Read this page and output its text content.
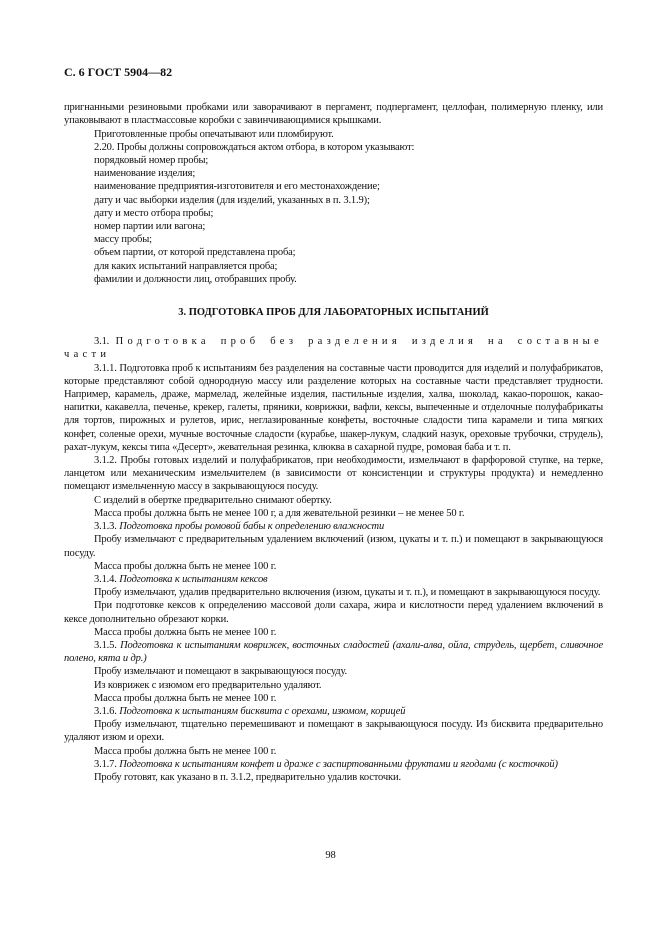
С. 6 ГОСТ 5904—82

пригнанными резиновыми пробками или заворачивают в пергамент, подпергамент, целлофан, полимерную пленку, или упаковывают в пластмассовые коробки с завинчивающимися крышками.

Приготовленные пробы опечатывают или пломбируют.

2.20. Пробы должны сопровождаться актом отбора, в котором указывают:

порядковый номер пробы;

наименование изделия;

наименование предприятия-изготовителя и его местонахождение;

дату и час выборки изделия (для изделий, указанных в п. 3.1.9);

дату и место отбора пробы;

номер партии или вагона;

массу пробы;

объем партии, от которой представлена проба;

для каких испытаний направляется проба;

фамилии и должности лиц, отобравших пробу.

3. ПОДГОТОВКА ПРОБ ДЛЯ ЛАБОРАТОРНЫХ ИСПЫТАНИЙ

3.1. Подготовка проб без разделения изделия на составные части

3.1.1. Подготовка проб к испытаниям без разделения на составные части проводится для изделий и полуфабрикатов, которые представляют собой однородную массу или разделение которых на составные части представляет трудности. Например, карамель, драже, мармелад, желейные изделия, пастильные изделия, халва, шоколад, какао-порошок, какао-напитки, какавелла, печенье, крекер, галеты, пряники, коврижки, вафли, кексы, выпеченные и отделочные полуфабрикаты для тортов, пирожных и рулетов, ирис, неглазированные конфеты, восточные сладости типа карамели и типа мягких конфет, соленые орехи, мучные восточные сладости (курабье, шакер-лукум, сладкий назук, ореховые трубочки, струдель), рахат-лукум, кексы типа «Десерт», жевательная резинка, клюква в сахарной пудре, ромовая баба и т. п.

3.1.2. Пробы готовых изделий и полуфабрикатов, при необходимости, измельчают в фарфоровой ступке, на терке, ланцетом или механическим измельчителем (в зависимости от консистенции и структуры продукта) и немедленно помещают измельченную массу в закрывающуюся посуду.

С изделий в обертке предварительно снимают обертку.

Масса пробы должна быть не менее 100 г, а для жевательной резинки – не менее 50 г.

3.1.3. Подготовка пробы ромовой бабы к определению влажности

Пробу измельчают с предварительным удалением включений (изюм, цукаты и т. п.) и помещают в закрывающуюся посуду.

Масса пробы должна быть не менее 100 г.

3.1.4. Подготовка к испытаниям кексов

Пробу измельчают, удалив предварительно включения (изюм, цукаты и т. п.), и помещают в закрывающуюся посуду.

При подготовке кексов к определению массовой доли сахара, жира и кислотности перед удалением включений в кексе дополнительно обрезают корки.

Масса пробы должна быть не менее 100 г.

3.1.5. Подготовка к испытаниям коврижек, восточных сладостей (ахали-алва, ойла, струдель, щербет, сливочное полено, кята и др.)

Пробу измельчают и помещают в закрывающуюся посуду.

Из коврижек с изюмом его предварительно удаляют.

Масса пробы должна быть не менее 100 г.

3.1.6. Подготовка к испытаниям бисквита с орехами, изюмом, корицей

Пробу измельчают, тщательно перемешивают и помещают в закрывающуюся посуду. Из бисквита предварительно удаляют изюм и орехи.

Масса пробы должна быть не менее 100 г.

3.1.7. Подготовка к испытаниям конфет и драже с заспиртованными фруктами и ягодами (с косточкой)

Пробу готовят, как указано в п. 3.1.2, предварительно удалив косточки.

98
